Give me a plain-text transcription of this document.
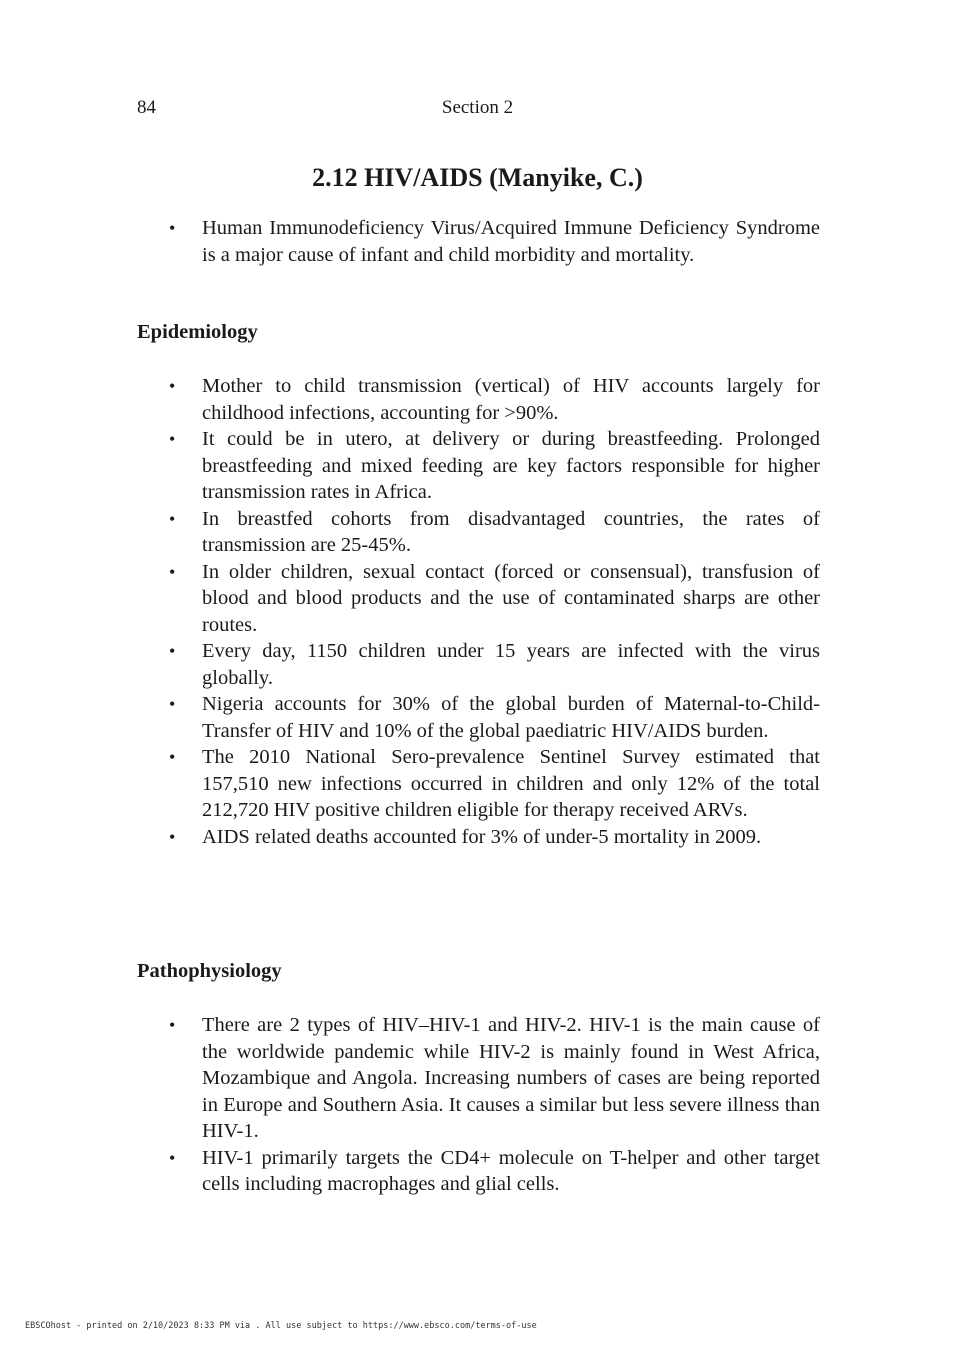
84	Section 2
2.12 HIV/AIDS (Manyike, C.)
• Human Immunodeficiency Virus/Acquired Immune Deficiency Syndrome is a major cause of infant and child morbidity and mortality.
Epidemiology
• Mother to child transmission (vertical) of HIV accounts largely for childhood infections, accounting for >90%.
• It could be in utero, at delivery or during breastfeeding. Prolonged breastfeeding and mixed feeding are key factors responsible for higher transmission rates in Africa.
• In breastfed cohorts from disadvantaged countries, the rates of transmission are 25-45%.
• In older children, sexual contact (forced or consensual), transfusion of blood and blood products and the use of contaminated sharps are other routes.
• Every day, 1150 children under 15 years are infected with the virus globally.
• Nigeria accounts for 30% of the global burden of Maternal-to-Child-Transfer of HIV and 10% of the global paediatric HIV/AIDS burden.
• The 2010 National Sero-prevalence Sentinel Survey estimated that 157,510 new infections occurred in children and only 12% of the total 212,720 HIV positive children eligible for therapy received ARVs.
• AIDS related deaths accounted for 3% of under-5 mortality in 2009.
Pathophysiology
• There are 2 types of HIV–HIV-1 and HIV-2. HIV-1 is the main cause of the worldwide pandemic while HIV-2 is mainly found in West Africa, Mozambique and Angola. Increasing numbers of cases are being reported in Europe and Southern Asia. It causes a similar but less severe illness than HIV-1.
• HIV-1 primarily targets the CD4+ molecule on T-helper and other target cells including macrophages and glial cells.
EBSCOhost - printed on 2/10/2023 8:33 PM via . All use subject to https://www.ebsco.com/terms-of-use
